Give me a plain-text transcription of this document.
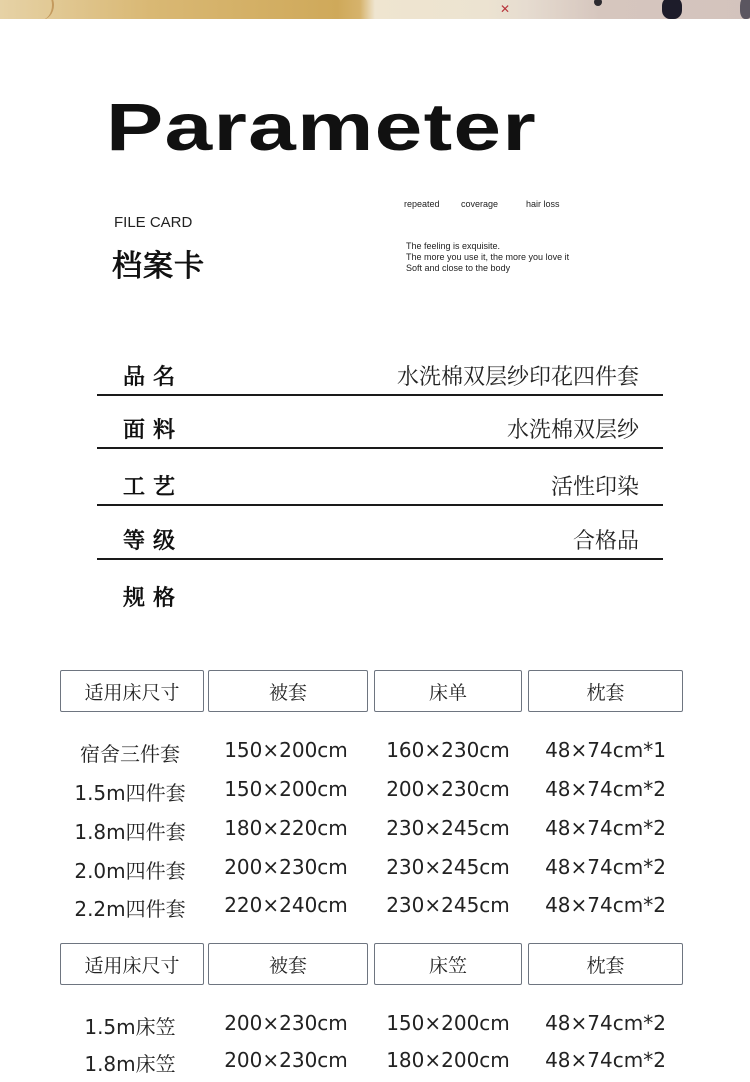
✕
Parameter
FILE CARD
档案卡
repeated coverage	hair loss
The feeling is exquisite.
The more you use it, the more you love it
Soft and close to the body
品名	水洗棉双层纱印花四件套
面料	水洗棉双层纱
工艺	活性印染
等级	合格品
规格
适用床尺寸	被套	床单	枕套
宿舍三件套	150×200cm	160×230cm	48×74cm*1
1.5m四件套	150×200cm	200×230cm	48×74cm*2
1.8m四件套	180×220cm	230×245cm	48×74cm*2
2.0m四件套	200×230cm	230×245cm	48×74cm*2
2.2m四件套	220×240cm	230×245cm	48×74cm*2
适用床尺寸	被套	床笠	枕套
1.5m床笠	200×230cm	150×200cm	48×74cm*2
1.8m床笠	200×230cm	180×200cm	48×74cm*2
